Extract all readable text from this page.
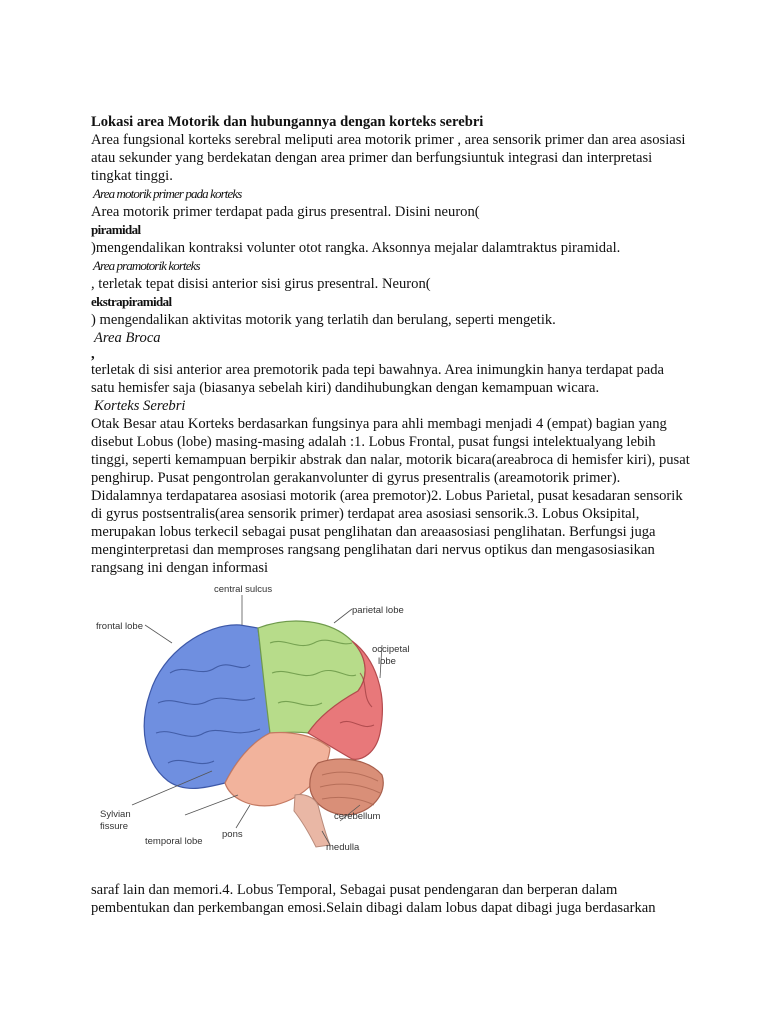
Lokasi area Motorik dan hubungannya dengan korteks serebri
Area fungsional korteks serebral meliputi area motorik primer , area sensorik primer dan area asosiasi atau sekunder yang berdekatan dengan area primer dan berfungsiuntuk integrasi dan interpretasi tingkat tinggi.
Area motorik primer pada korteks
Area motorik primer terdapat pada girus presentral. Disini neuron(
piramidal
)mengendalikan kontraksi volunter otot rangka. Aksonnya mejalar dalamtraktus piramidal.
Area pramotorik korteks
, terletak tepat disisi anterior sisi girus presentral. Neuron(
ekstrapiramidal
) mengendalikan aktivitas motorik yang terlatih dan berulang, seperti mengetik.
Area Broca
,
terletak di sisi anterior area premotorik pada tepi bawahnya. Area inimungkin hanya terdapat pada satu hemisfer saja (biasanya sebelah kiri) dandihubungkan dengan kemampuan wicara.
Korteks Serebri
Otak Besar atau Korteks berdasarkan fungsinya para ahli membagi menjadi 4 (empat) bagian yang disebut Lobus (lobe) masing-masing adalah :1. Lobus Frontal, pusat fungsi intelektualyang lebih tinggi, seperti kemampuan berpikir abstrak dan nalar, motorik bicara(areabroca di hemisfer kiri), pusat penghirup. Pusat pengontrolan gerakanvolunter di gyrus presentralis (areamotorik primer). Didalamnya terdapatarea asosiasi motorik (area premotor)2. Lobus Parietal, pusat kesadaran sensorik di gyrus postsentralis(area sensorik primer) terdapat area asosiasi sensorik.3. Lobus Oksipital, merupakan lobus terkecil sebagai pusat penglihatan dan areaasosiasi penglihatan. Berfungsi juga menginterpretasi dan memproses rangsang penglihatan dari nervus optikus dan mengasosiasikan rangsang ini dengan informasi
central sulcus
parietal lobe
frontal lobe
occipetal
lobe
Sylvian
fissure
temporal lobe
pons
cerebellum
medulla
saraf lain dan memori.4. Lobus Temporal, Sebagai pusat pendengaran dan berperan dalam pembentukan dan perkembangan emosi.Selain dibagi dalam lobus dapat dibagi juga berdasarkan
